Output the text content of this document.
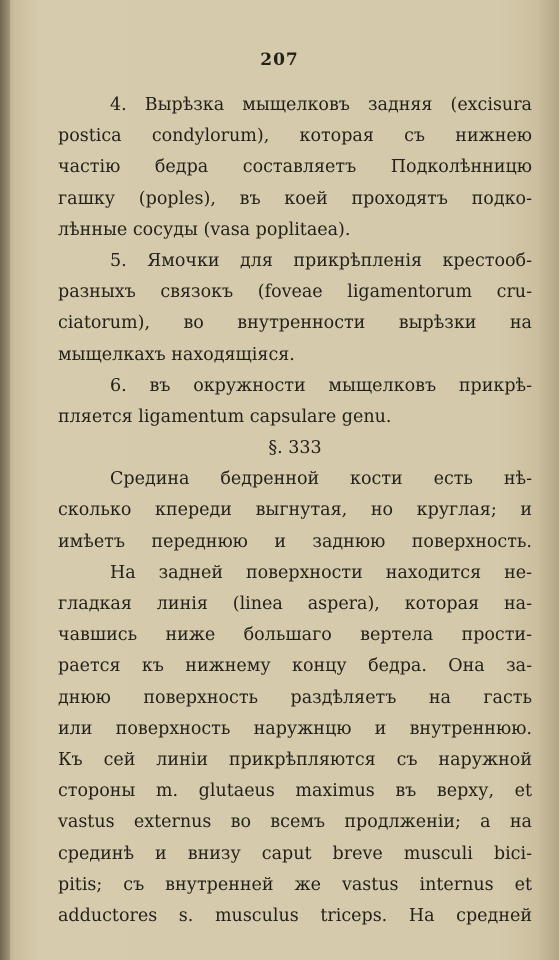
207
4. Вырѣзка мыщелковъ задняя (excisura
postica condylorum), которая съ нижнею
частію бедра составляетъ Подколѣнницю
гашку (poples), въ коей проходятъ подко-
лѣнные сосуды (vasa poplitaea).
5. Ямочки для прикрѣпленія крестооб-
разныхъ связокъ (foveae ligamentorum cru-
ciatorum), во внутренности вырѣзки на
мыщелкахъ находящіяся.
6. въ окружности мыщелковъ прикрѣ-
пляется ligamentum capsulare genu.
§. 333
Средина бедренной кости есть нѣ-
сколько кпереди выгнутая, но круглая; и
имѣетъ переднюю и заднюю поверхность.
На задней поверхности находится не-
гладкая линія (linea aspera), которая на-
чавшись ниже большаго вертела прости-
рается къ нижнему концу бедра. Она за-
днюю поверхность раздѣляетъ на гасть
или поверхность наружнцю и внутреннюю.
Къ сей линіи прикрѣпляются съ наружной
стороны m. glutaeus maximus въ верху, et
vastus externus во всемъ продлженіи; а на
срединѣ и внизу caput breve musculi bici-
pitis; съ внутренней же vastus internus et
adductores s. musculus triceps. На средней
